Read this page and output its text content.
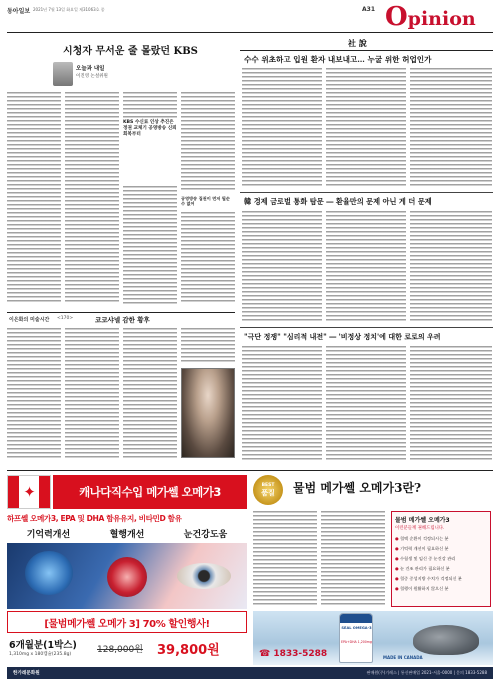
동아일보 2021년 7월 13일 화요일 제31063호 종	A31 Opinion
시청자 무서운 줄 몰랐던 KBS
오늘과 내일
이진영 논설위원
KBS 수신료 인상 추진은 정권 교체기 공영방송 신뢰 회복부터
공영방송 집권이 먼저 될순 수 없어
社 說
수수 위초하고 입원 환자 내보내고… 누굴 위한 허업인가
韓 경제 금로벌 통화 탐문 ― 환율만의 문제 아닌 게 더 문제
"극단 정쟁" "심리적 내전" ― '비정상 정치'에 대한 로로의 우려
이은화의 미술시간 <170>	코코샤넬 감한 황후
✦	캐나다직수입 메가쎌 오메가3
하프쎌 오메가3, EPA 및 DHA 함유유지, 비타민D 함유
기억력개선	혈행개선	눈건강도움
[물범메가쎌 오메가 3] 70% 할인행사!
6개월분(1박스)
1,310mg x 180캡슐(235.8g)	128,000원 39,800원
한가레문화원	판매원(주)기레스 | 통신판매업 2021-서울-0000 | 문의 1833-5288
BEST
품질 물범 메가쎌 오메가3란?
물범 메가쎌 오메가3
이런분들께 권해드립니다.
● 혈액 순환이 걱정되시는 분
● 기억력 개선이 필요하신 분
● 수험생 및 임신 중 눈건강 관리
● 눈 건조 관리가 필요하신 분
● 혈중 중성지방 수치가 걱정되신 분
● 혈행이 원활하지 않으신 분
SEAL OMEGA-3
EPA+DHA 1,200mg
MADE IN CANADA
☎ 1833-5288
